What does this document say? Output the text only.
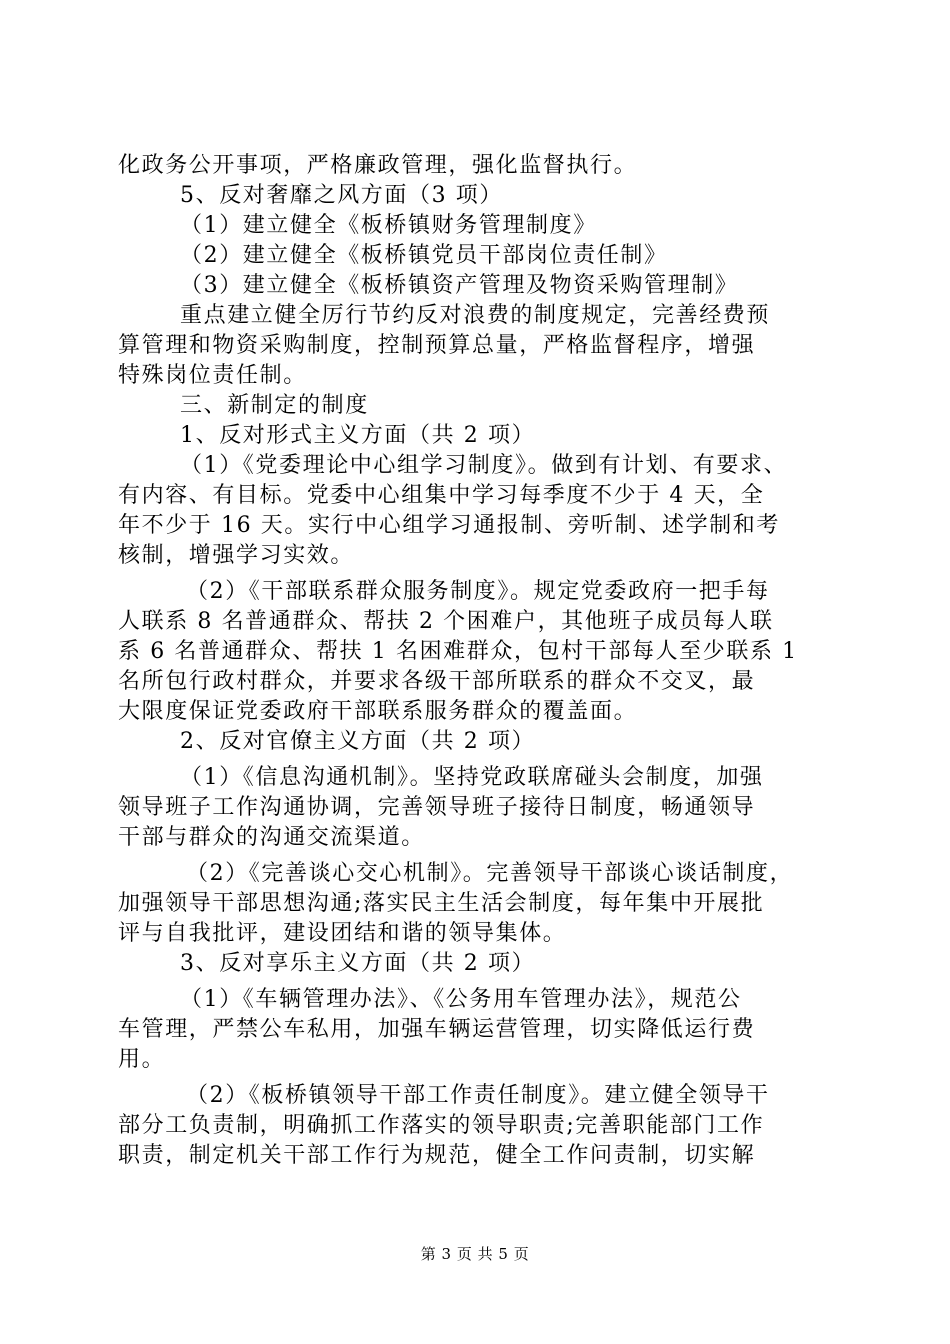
化政务公开事项，严格廉政管理，强化监督执行。
5、反对奢靡之风方面（3 项）
（1）建立健全《板桥镇财务管理制度》
（2）建立健全《板桥镇党员干部岗位责任制》
（3）建立健全《板桥镇资产管理及物资采购管理制》
重点建立健全厉行节约反对浪费的制度规定，完善经费预
算管理和物资采购制度，控制预算总量，严格监督程序，增强
特殊岗位责任制。
三、新制定的制度
1、反对形式主义方面（共 2 项）
（1）《党委理论中心组学习制度》。做到有计划、有要求、
有内容、有目标。党委中心组集中学习每季度不少于 4 天，全
年不少于 16 天。实行中心组学习通报制、旁听制、述学制和考
核制，增强学习实效。
（2）《干部联系群众服务制度》。规定党委政府一把手每
人联系 8 名普通群众、帮扶 2 个困难户，其他班子成员每人联
系 6 名普通群众、帮扶 1 名困难群众，包村干部每人至少联系 1
名所包行政村群众，并要求各级干部所联系的群众不交叉，最
大限度保证党委政府干部联系服务群众的覆盖面。
2、反对官僚主义方面（共 2 项）
（1）《信息沟通机制》。坚持党政联席碰头会制度，加强
领导班子工作沟通协调，完善领导班子接待日制度，畅通领导
干部与群众的沟通交流渠道。
（2）《完善谈心交心机制》。完善领导干部谈心谈话制度，
加强领导干部思想沟通;落实民主生活会制度，每年集中开展批
评与自我批评，建设团结和谐的领导集体。
3、反对享乐主义方面（共 2 项）
（1）《车辆管理办法》、《公务用车管理办法》，规范公
车管理，严禁公车私用，加强车辆运营管理，切实降低运行费
用。
（2）《板桥镇领导干部工作责任制度》。建立健全领导干
部分工负责制，明确抓工作落实的领导职责;完善职能部门工作
职责，制定机关干部工作行为规范，健全工作问责制，切实解
第 3 页 共 5 页
